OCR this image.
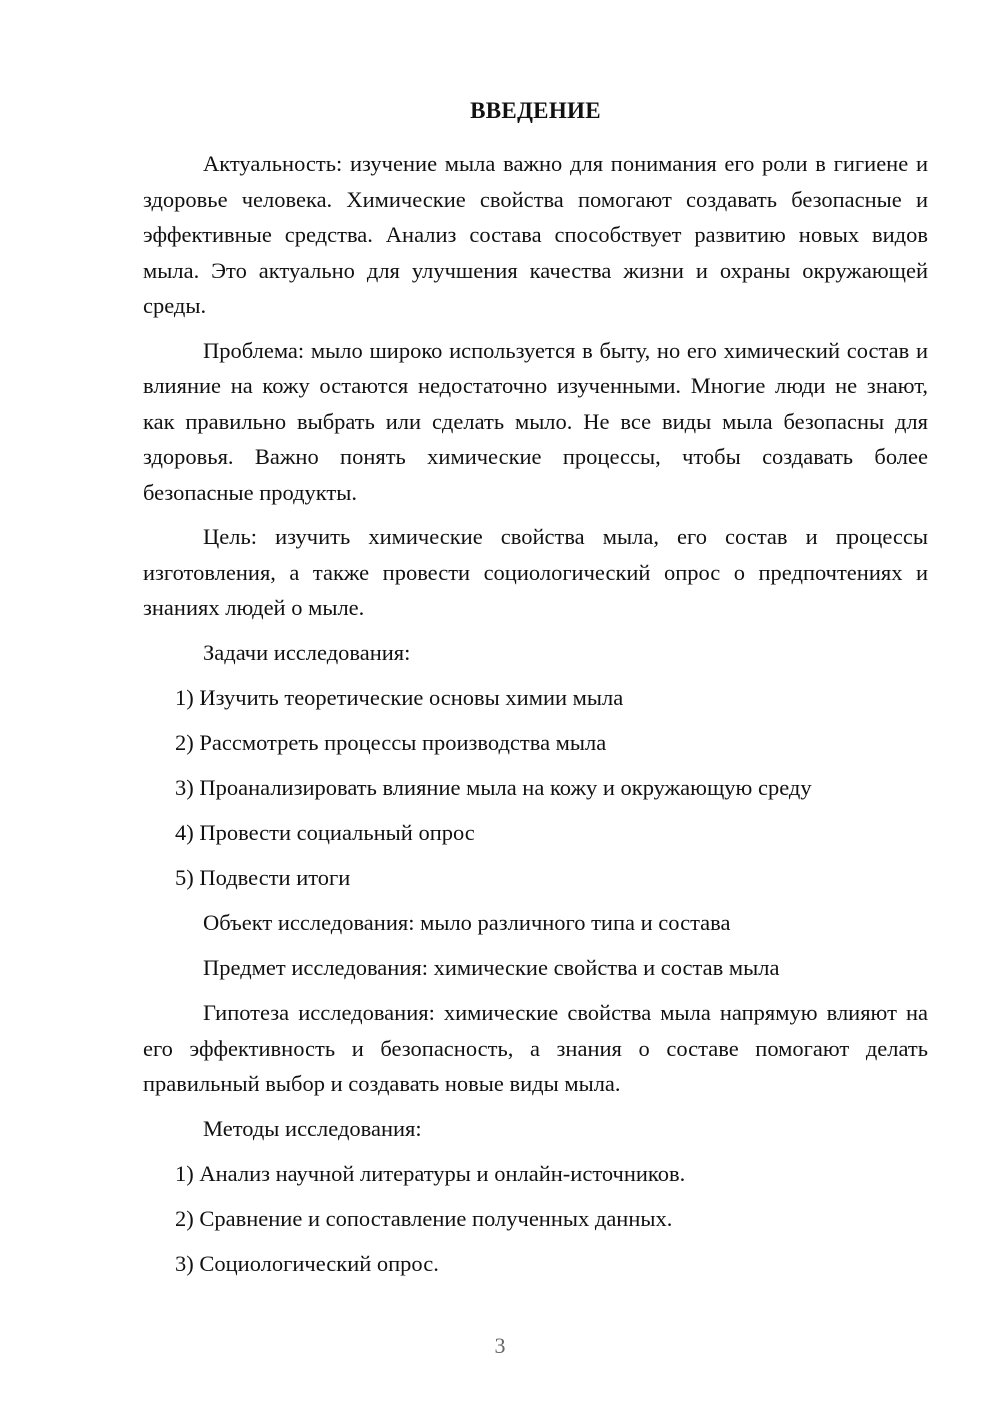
ВВЕДЕНИЕ

Актуальность: изучение мыла важно для понимания его роли в гигиене и здоровье человека. Химические свойства помогают создавать безопасные и эффективные средства. Анализ состава способствует развитию новых видов мыла. Это актуально для улучшения качества жизни и охраны окружающей среды.

Проблема: мыло широко используется в быту, но его химический состав и влияние на кожу остаются недостаточно изученными. Многие люди не знают, как правильно выбрать или сделать мыло. Не все виды мыла безопасны для здоровья. Важно понять химические процессы, чтобы создавать более безопасные продукты.

Цель: изучить химические свойства мыла, его состав и процессы изготовления, а также провести социологический опрос о предпочтениях и знаниях людей о мыле.

Задачи исследования:
1) Изучить теоретические основы химии мыла
2) Рассмотреть процессы производства мыла
3) Проанализировать влияние мыла на кожу и окружающую среду
4) Провести социальный опрос
5) Подвести итоги
Объект исследования: мыло различного типа и состава
Предмет исследования: химические свойства и состав мыла

Гипотеза исследования: химические свойства мыла напрямую влияют на его эффективность и безопасность, а знания о составе помогают делать правильный выбор и создавать новые виды мыла.

Методы исследования:
1) Анализ научной литературы и онлайн-источников.
2) Сравнение и сопоставление полученных данных.
3) Социологический опрос.
3
